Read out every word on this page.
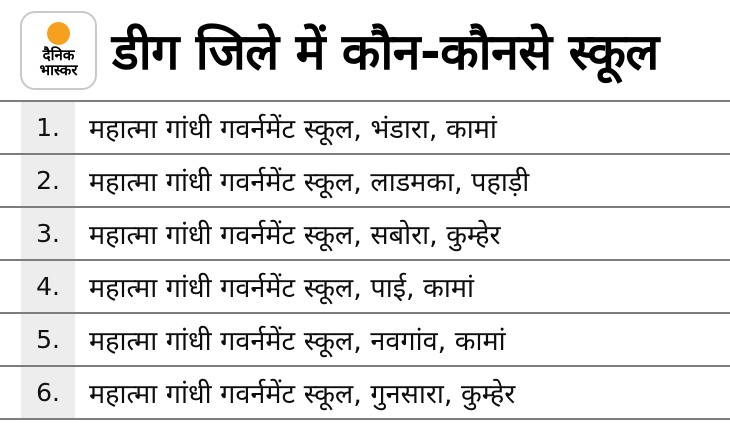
दैनिक
भास्कर डीग जिले में कौन-कौनसे स्कूल
1.	महात्मा गांधी गवर्नमेंट स्कूल, भंडारा, कामां
2.	महात्मा गांधी गवर्नमेंट स्कूल, लाडमका, पहाड़ी
3.	महात्मा गांधी गवर्नमेंट स्कूल, सबोरा, कुम्हेर
4.	महात्मा गांधी गवर्नमेंट स्कूल, पाई, कामां
5.	महात्मा गांधी गवर्नमेंट स्कूल, नवगांव, कामां
6.	महात्मा गांधी गवर्नमेंट स्कूल, गुनसारा, कुम्हेर
